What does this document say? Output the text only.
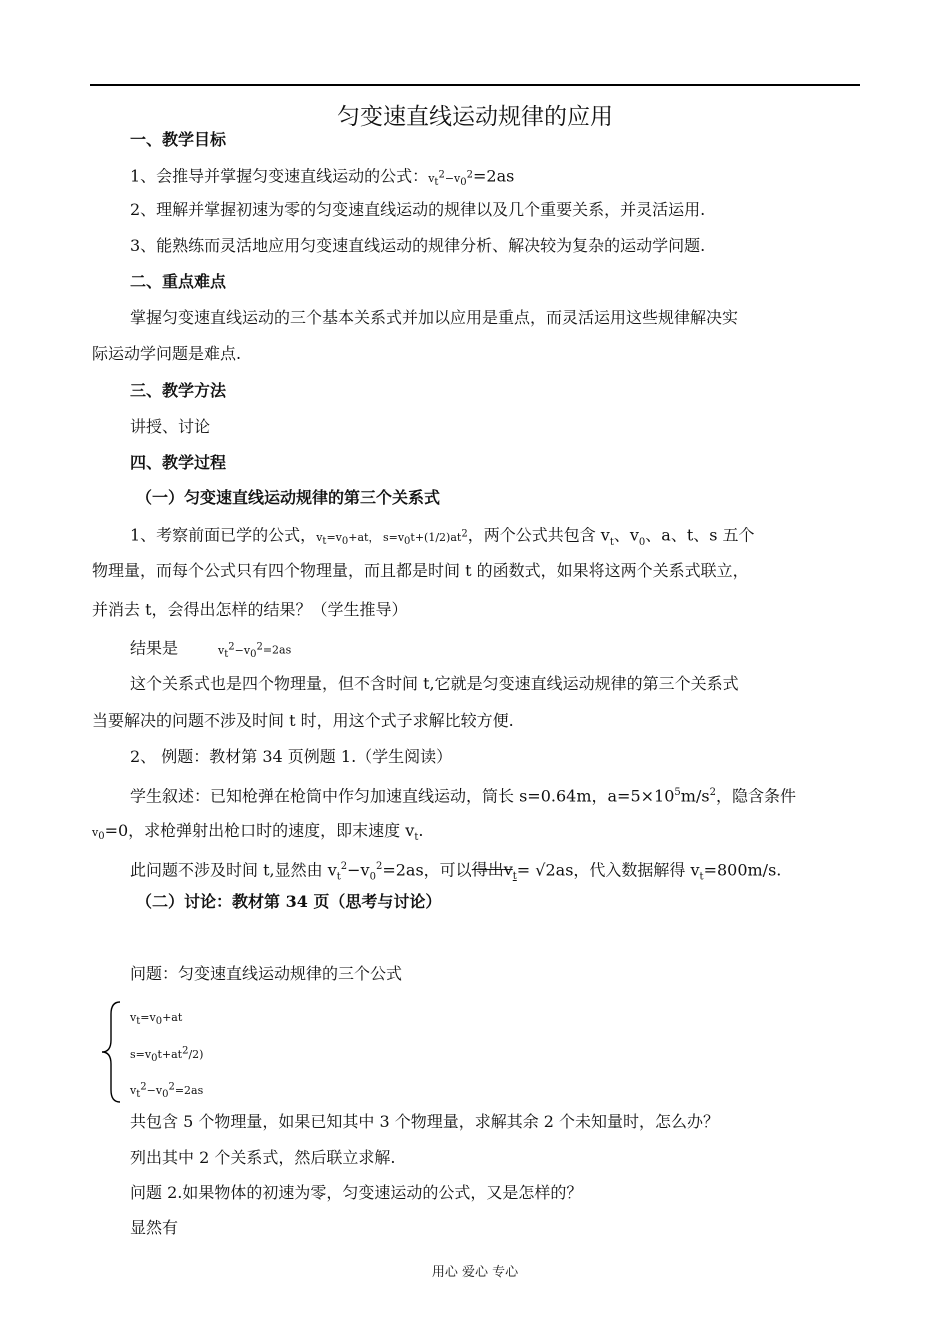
匀变速直线运动规律的应用
一、教学目标
1、会推导并掌握匀变速直线运动的公式：$v_t^2-v_0^2=2as$
2、理解并掌握初速为零的匀变速直线运动的规律以及几个重要关系，并灵活运用.
3、能熟练而灵活地应用匀变速直线运动的规律分析、解决较为复杂的运动学问题.
二、重点难点
掌握匀变速直线运动的三个基本关系式并加以应用是重点，而灵活运用这些规律解决实
际运动学问题是难点.
三、教学方法
讲授、讨论
四、教学过程
（一）匀变速直线运动规律的第三个关系式
1、考察前面已学的公式，$v_t=v_0+at$， $s=v_0t+(1/2)at^2$，两个公式共包含 $v_t$、$v_0$、a、t、s 五个
物理量，而每个公式只有四个物理量，而且都是时间 t 的函数式，如果将这两个关系式联立，
并消去 t，会得出怎样的结果？（学生推导）
结果是	$v_t^2-v_0^2=2as$
这个关系式也是四个物理量，但不含时间 t,它就是匀变速直线运动规律的第三个关系式
当要解决的问题不涉及时间 t 时，用这个式子求解比较方便.
2、 例题：教材第 34 页例题 1.（学生阅读）
学生叙述：已知枪弹在枪筒中作匀加速直线运动，筒长 s=0.64m，$a=5\times 10^5m/s^2$，隐含条件
$v_0=0$，求枪弹射出枪口时的速度，即末速度 $v_t$.
此问题不涉及时间 t,显然由 $v_t^2-v_0^2=2as$，可以得出$v_t= √2as$，代入数据解得 $v_t=800m/s$.
（二）讨论：教材第 34 页（思考与讨论）
问题：匀变速直线运动规律的三个公式
$v_t=v_0+at$
$s=v_0t+at^2/2$)
$v_t^2-v_0^2=2as$
共包含 5 个物理量，如果已知其中 3 个物理量，求解其余 2 个未知量时，怎么办？
列出其中 2 个关系式，然后联立求解.
问题 2.如果物体的初速为零，匀变速运动的公式，又是怎样的？
显然有
用心 爱心 专心
